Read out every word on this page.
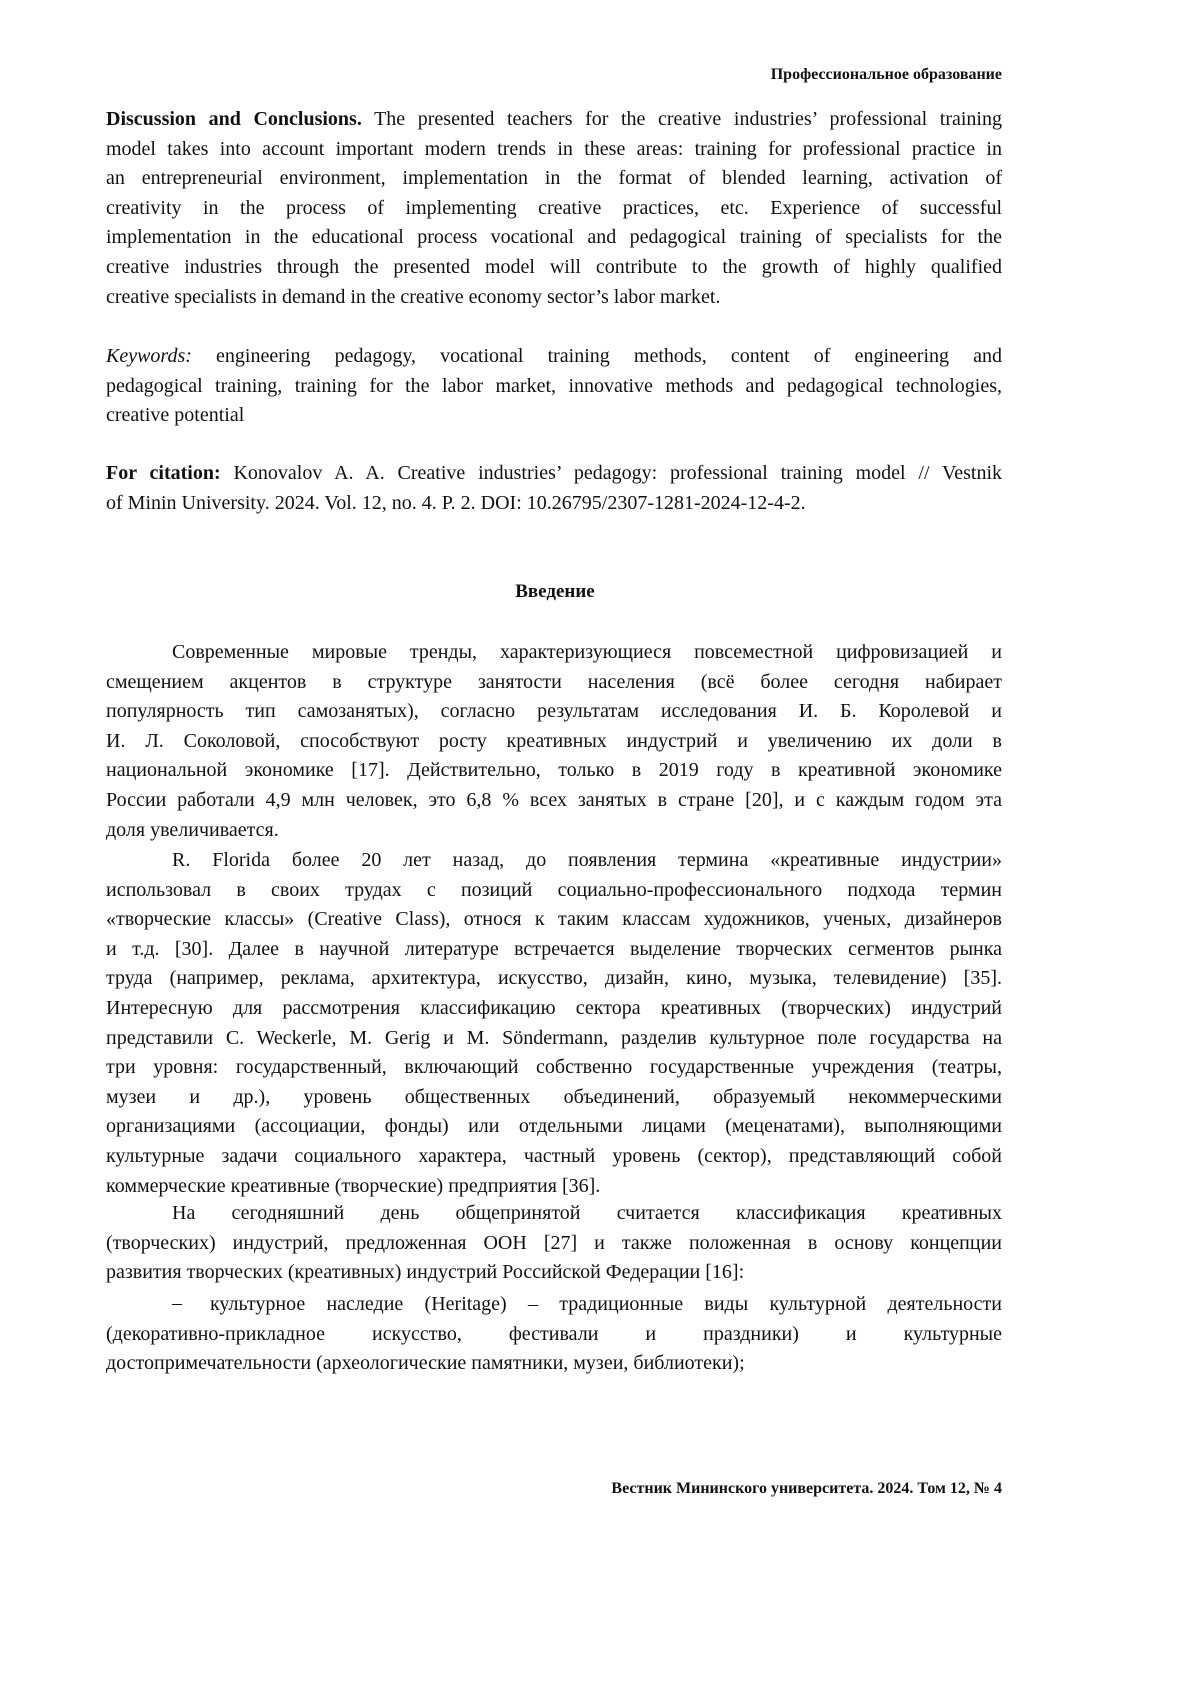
Профессиональное образование
Discussion and Conclusions. The presented teachers for the creative industries’ professional training
model takes into account important modern trends in these areas: training for professional practice in
an entrepreneurial environment, implementation in the format of blended learning, activation of
creativity in the process of implementing creative practices, etc. Experience of successful
implementation in the educational process vocational and pedagogical training of specialists for the
creative industries through the presented model will contribute to the growth of highly qualified
creative specialists in demand in the creative economy sector’s labor market.
Keywords: engineering pedagogy, vocational training methods, content of engineering and
pedagogical training, training for the labor market, innovative methods and pedagogical technologies,
creative potential
For citation: Konovalov A. A. Creative industries’ pedagogy: professional training model // Vestnik
of Minin University. 2024. Vol. 12, no. 4. P. 2. DOI: 10.26795/2307-1281-2024-12-4-2.
Современные мировые тренды, характеризующиеся повсеместной цифровизацией и
смещением акцентов в структуре занятости населения (всё более сегодня набирает
популярность тип самозанятых), согласно результатам исследования И. Б. Королевой и
И. Л. Соколовой, способствуют росту креативных индустрий и увеличению их доли в
национальной экономике [17]. Действительно, только в 2019 году в креативной экономике
России работали 4,9 млн человек, это 6,8 % всех занятых в стране [20], и с каждым годом эта
доля увеличивается.
R. Florida более 20 лет назад, до появления термина «креативные индустрии»
использовал в своих трудах с позиций социально-профессионального подхода термин
«творческие классы» (Creative Class), относя к таким классам художников, ученых, дизайнеров
и т.д. [30]. Далее в научной литературе встречается выделение творческих сегментов рынка
труда (например, реклама, архитектура, искусство, дизайн, кино, музыка, телевидение) [35].
Интересную для рассмотрения классификацию сектора креативных (творческих) индустрий
представили C. Weckerle, M. Gerig и M. Söndermann, разделив культурное поле государства на
три уровня: государственный, включающий собственно государственные учреждения (театры,
музеи и др.), уровень общественных объединений, образуемый некоммерческими
организациями (ассоциации, фонды) или отдельными лицами (меценатами), выполняющими
культурные задачи социального характера, частный уровень (сектор), представляющий собой
коммерческие креативные (творческие) предприятия [36].
На сегодняшний день общепринятой считается классификация креативных
(творческих) индустрий, предложенная ООН [27] и также положенная в основу концепции
развития творческих (креативных) индустрий Российской Федерации [16]:
– культурное наследие (Heritage) – традиционные виды культурной деятельности
(декоративно-прикладное искусство, фестивали и праздники) и культурные
достопримечательности (археологические памятники, музеи, библиотеки);
Введение
Вестник Мининского университета. 2024. Том 12, № 4
